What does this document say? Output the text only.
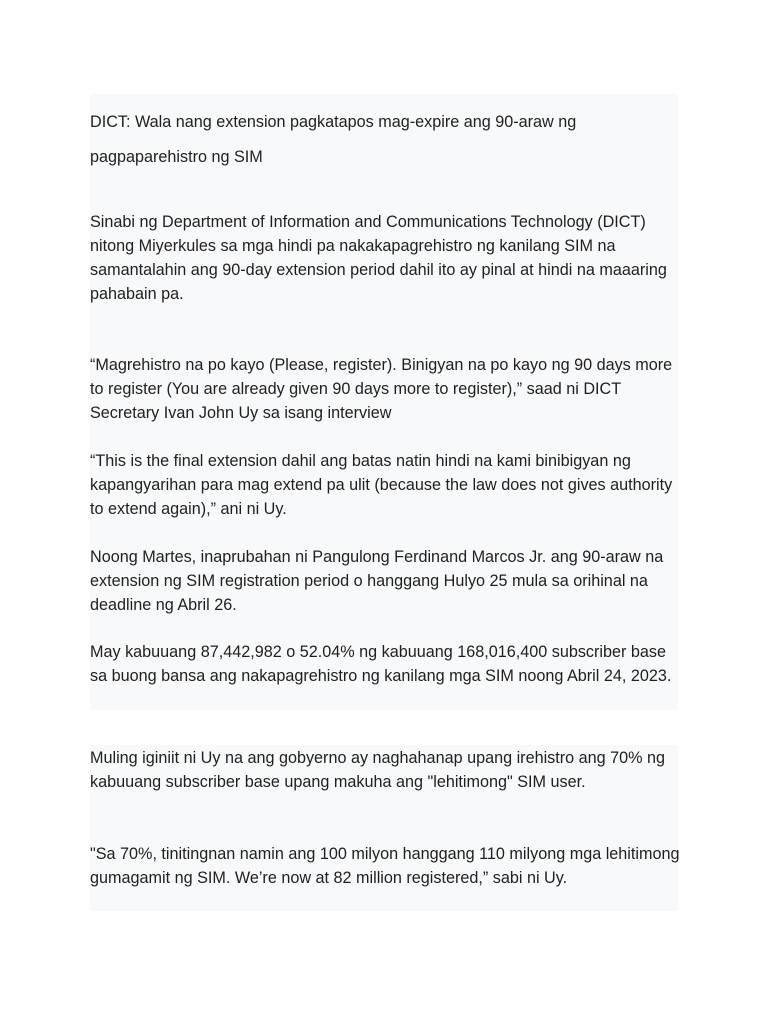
DICT: Wala nang extension pagkatapos mag-expire ang 90-araw ng pagpaparehistro ng SIM

Sinabi ng Department of Information and Communications Technology (DICT) nitong Miyerkules sa mga hindi pa nakakapagrehistro ng kanilang SIM na samantalahin ang 90-day extension period dahil ito ay pinal at hindi na maaaring pahabain pa.

“Magrehistro na po kayo (Please, register). Binigyan na po kayo ng 90 days more to register (You are already given 90 days more to register),” saad ni DICT Secretary Ivan John Uy sa isang interview

“This is the final extension dahil ang batas natin hindi na kami binibigyan ng kapangyarihan para mag extend pa ulit (because the law does not gives authority to extend again),” ani ni Uy.

Noong Martes, inaprubahan ni Pangulong Ferdinand Marcos Jr. ang 90-araw na extension ng SIM registration period o hanggang Hulyo 25 mula sa orihinal na deadline ng Abril 26.

May kabuuang 87,442,982 o 52.04% ng kabuuang 168,016,400 subscriber base sa buong bansa ang nakapagrehistro ng kanilang mga SIM noong Abril 24, 2023.

Muling iginiit ni Uy na ang gobyerno ay naghahanap upang irehistro ang 70% ng kabuuang subscriber base upang makuha ang "lehitimong" SIM user.

"Sa 70%, tinitingnan namin ang 100 milyon hanggang 110 milyong mga lehitimong gumagamit ng SIM. We’re now at 82 million registered,” sabi ni Uy.
